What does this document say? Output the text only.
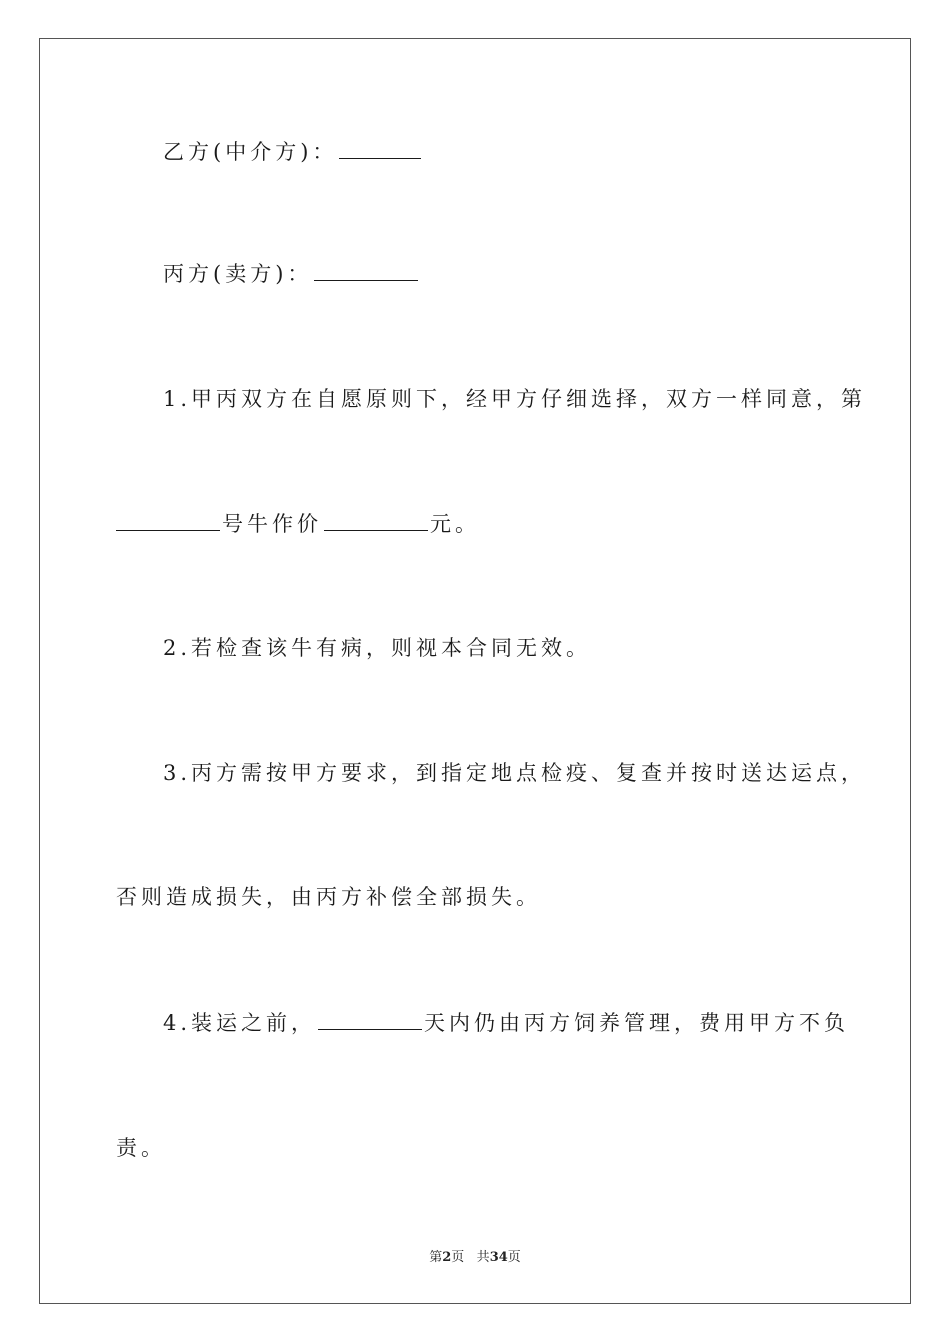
乙方(中介方)：
丙方(卖方)：
1.甲丙双方在自愿原则下，经甲方仔细选择，双方一样同意，第
号牛作价	元。
2.若检查该牛有病，则视本合同无效。
3.丙方需按甲方要求，到指定地点检疫、复查并按时送达运点，
否则造成损失，由丙方补偿全部损失。
4.装运之前，	天内仍由丙方饲养管理，费用甲方不负
责。
第2页 共34页
